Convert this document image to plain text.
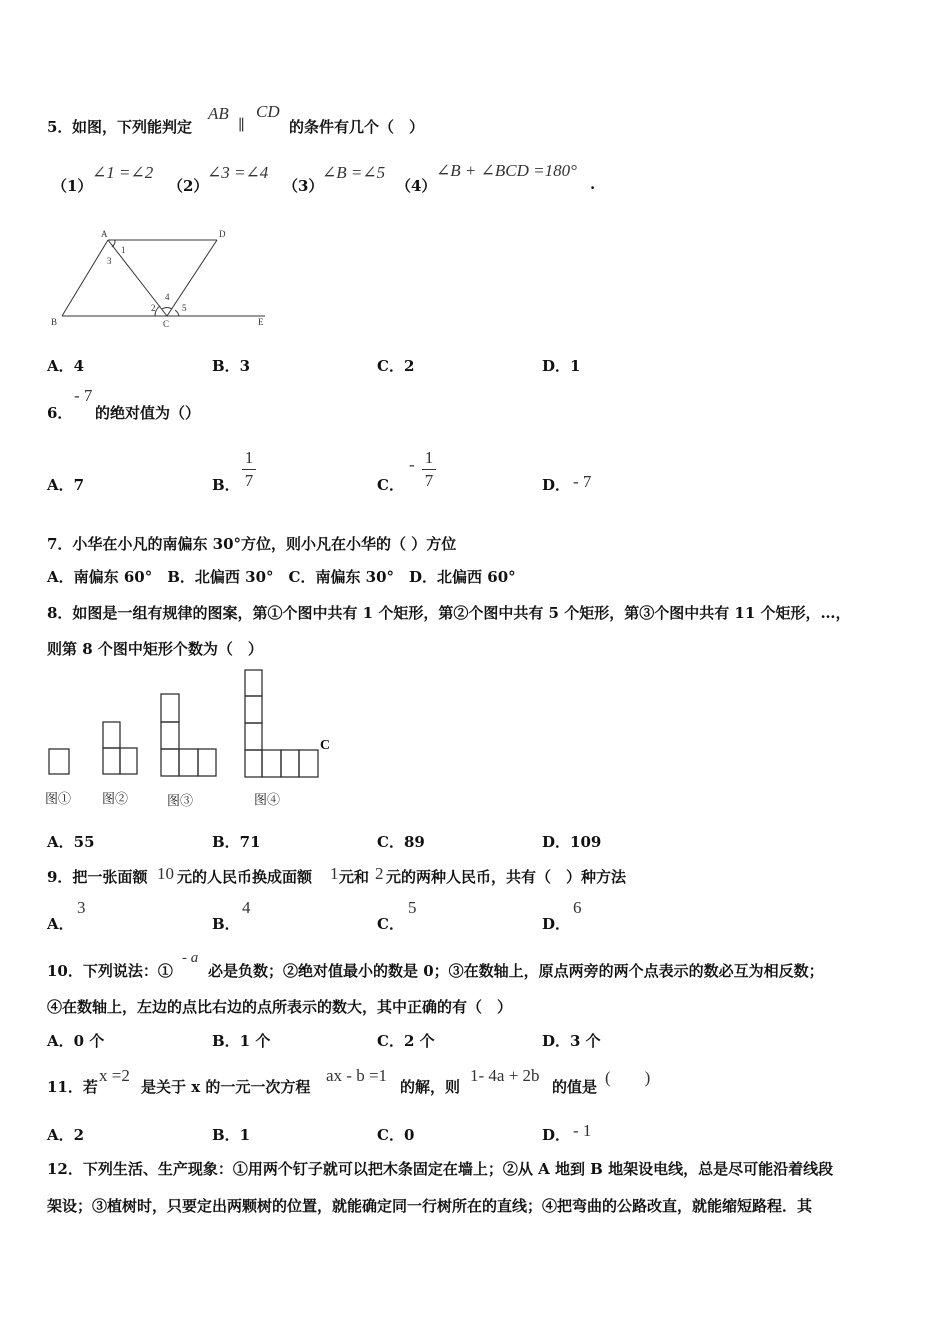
5． 如图，下列能判定
AB
∥
CD
的条件有几个（　）
（1）
∠1 =∠2
（2）
∠3 =∠4
（3）
∠B =∠5
（4）
∠B + ∠BCD =180°
.
A	D
B	C	E
1
3
2
4
5
A．4	B．3	C．2	D．1
6．
- 7
的绝对值为（）
A．7	B．
1
7	C．
- 1
7	D． - 7
7．小华在小凡的南偏东 30°方位，则小凡在小华的（ ）方位
A．南偏东 60°　B．北偏西 30°　C．南偏东 30°　D．北偏西 60°
8．如图是一组有规律的图案，第①个图中共有 1 个矩形，第②个图中共有 5 个矩形，第③个图中共有 11 个矩形，…，
则第 8 个图中矩形个数为（　）
C
图① 图②	图③	图④
A．55	B．71	C．89	D．109
9．把一张面额 10 元的人民币换成面额 1 元和 2 元的两种人民币，共有（　）种方法
A．
3
B．
4
C．
5
D．
6
10．下列说法：①
- a
必是负数；②绝对值最小的数是 0；③在数轴上，原点两旁的两个点表示的数必互为相反数；
④在数轴上，左边的点比右边的点所表示的数大，其中正确的有（　）
A．0 个	B．1 个	C．2 个	D．3 个
11．若
x =2
是关于 x 的一元一次方程
ax - b =1
的解，则
1- 4a + 2b
的值是 (　　)
A．2	B．1	C．0	D． - 1
12．下列生活、生产现象：①用两个钉子就可以把木条固定在墙上；②从 A 地到 B 地架设电线，总是尽可能沿着线段
架设；③植树时，只要定出两颗树的位置，就能确定同一行树所在的直线；④把弯曲的公路改直，就能缩短路程．其
